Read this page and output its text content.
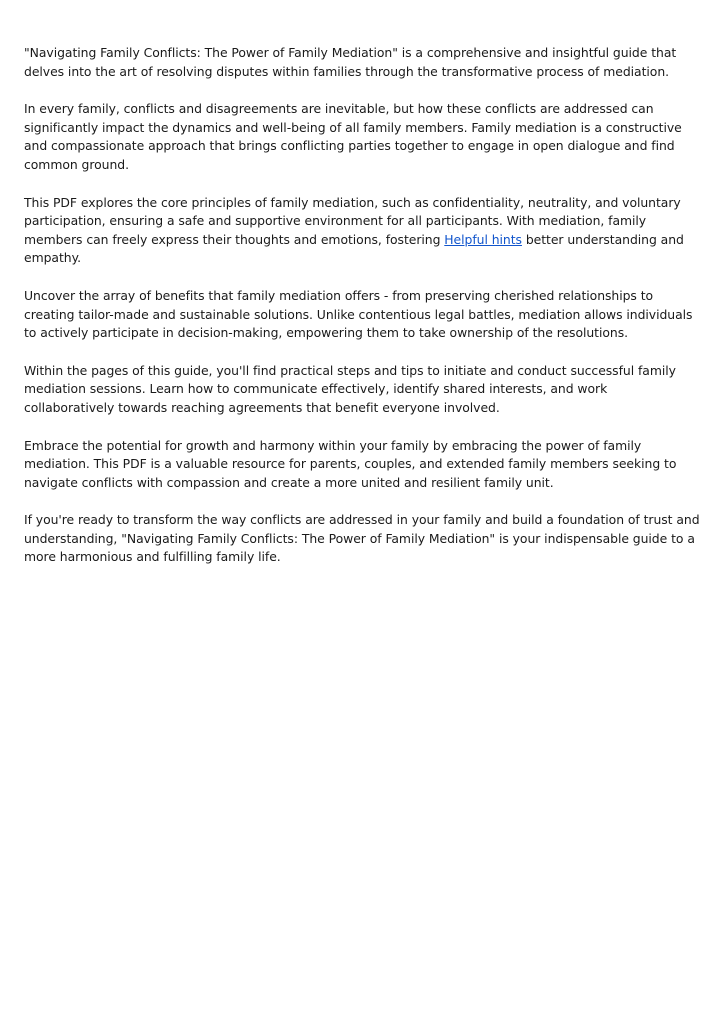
"Navigating Family Conflicts: The Power of Family Mediation" is a comprehensive and insightful guide that delves into the art of resolving disputes within families through the transformative process of mediation.

In every family, conflicts and disagreements are inevitable, but how these conflicts are addressed can significantly impact the dynamics and well-being of all family members. Family mediation is a constructive and compassionate approach that brings conflicting parties together to engage in open dialogue and find common ground.

This PDF explores the core principles of family mediation, such as confidentiality, neutrality, and voluntary participation, ensuring a safe and supportive environment for all participants. With mediation, family members can freely express their thoughts and emotions, fostering Helpful hints better understanding and empathy.

Uncover the array of benefits that family mediation offers - from preserving cherished relationships to creating tailor-made and sustainable solutions. Unlike contentious legal battles, mediation allows individuals to actively participate in decision-making, empowering them to take ownership of the resolutions.

Within the pages of this guide, you'll find practical steps and tips to initiate and conduct successful family mediation sessions. Learn how to communicate effectively, identify shared interests, and work collaboratively towards reaching agreements that benefit everyone involved.

Embrace the potential for growth and harmony within your family by embracing the power of family mediation. This PDF is a valuable resource for parents, couples, and extended family members seeking to navigate conflicts with compassion and create a more united and resilient family unit.

If you're ready to transform the way conflicts are addressed in your family and build a foundation of trust and understanding, "Navigating Family Conflicts: The Power of Family Mediation" is your indispensable guide to a more harmonious and fulfilling family life.
